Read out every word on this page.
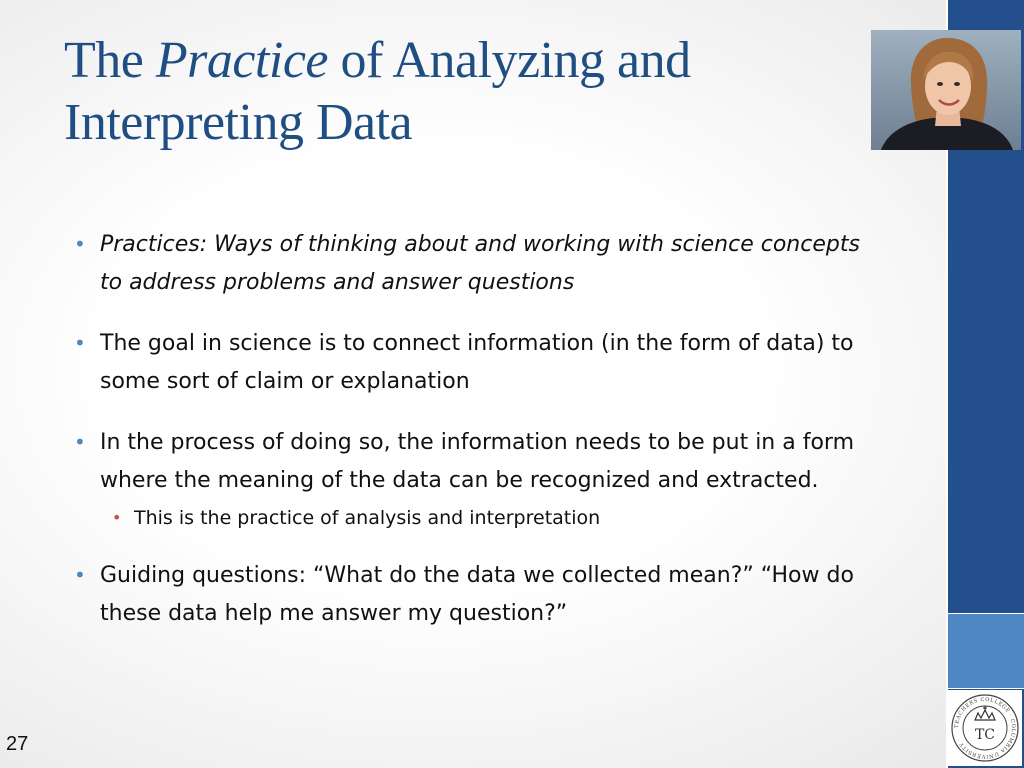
The Practice of Analyzing and Interpreting Data
TEACHERS COLLEGE · COLUMBIA UNIVERSITY · TC
• Practices: Ways of thinking about and working with science concepts to address problems and answer questions
• The goal in science is to connect information (in the form of data) to some sort of claim or explanation
• In the process of doing so, the information needs to be put in a form where the meaning of the data can be recognized and extracted.
• This is the practice of analysis and interpretation
• Guiding questions: “What do the data we collected mean?” “How do these data help me answer my question?”
27
